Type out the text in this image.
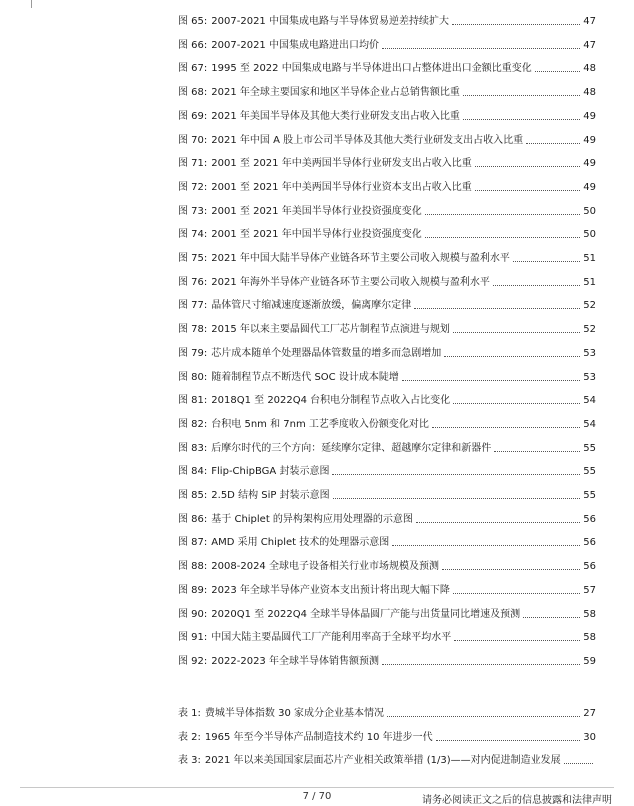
图 65: 2007-2021 中国集成电路与半导体贸易逆差持续扩大	47
图 66: 2007-2021 中国集成电路进出口均价	47
图 67: 1995 至 2022 中国集成电路与半导体进出口占整体进出口金额比重变化	48
图 68: 2021 年全球主要国家和地区半导体企业占总销售额比重	48
图 69: 2021 年美国半导体及其他大类行业研发支出占收入比重	49
图 70: 2021 年中国 A 股上市公司半导体及其他大类行业研发支出占收入比重	49
图 71: 2001 至 2021 年中美两国半导体行业研发支出占收入比重	49
图 72: 2001 至 2021 年中美两国半导体行业资本支出占收入比重	49
图 73: 2001 至 2021 年美国半导体行业投资强度变化	50
图 74: 2001 至 2021 年中国半导体行业投资强度变化	50
图 75: 2021 年中国大陆半导体产业链各环节主要公司收入规模与盈利水平	51
图 76: 2021 年海外半导体产业链各环节主要公司收入规模与盈利水平	51
图 77: 晶体管尺寸缩减速度逐渐放缓，偏离摩尔定律	52
图 78: 2015 年以来主要晶圆代工厂芯片制程节点演进与规划	52
图 79: 芯片成本随单个处理器晶体管数量的增多而急剧增加	53
图 80: 随着制程节点不断迭代 SOC 设计成本陡增	53
图 81: 2018Q1 至 2022Q4 台积电分制程节点收入占比变化	54
图 82: 台积电 5nm 和 7nm 工艺季度收入份额变化对比	54
图 83: 后摩尔时代的三个方向：延续摩尔定律、超越摩尔定律和新器件	55
图 84: Flip-ChipBGA 封装示意图	55
图 85: 2.5D 结构 SiP 封装示意图	55
图 86: 基于 Chiplet 的异构架构应用处理器的示意图	56
图 87: AMD 采用 Chiplet 技术的处理器示意图	56
图 88: 2008-2024 全球电子设备相关行业市场规模及预测	56
图 89: 2023 年全球半导体产业资本支出预计将出现大幅下降	57
图 90: 2020Q1 至 2022Q4 全球半导体晶圆厂产能与出货量同比增速及预测	58
图 91: 中国大陆主要晶圆代工厂产能利用率高于全球平均水平	58
图 92: 2022-2023 年全球半导体销售额预测	59
表 1: 费城半导体指数 30 家成分企业基本情况	27
表 2: 1965 年至今半导体产品制造技术约 10 年进步一代	30
表 3: 2021 年以来美国国家层面芯片产业相关政策举措 (1/3)——对内促进制造业发展
7 / 70	请务必阅读正文之后的信息披露和法律声明
